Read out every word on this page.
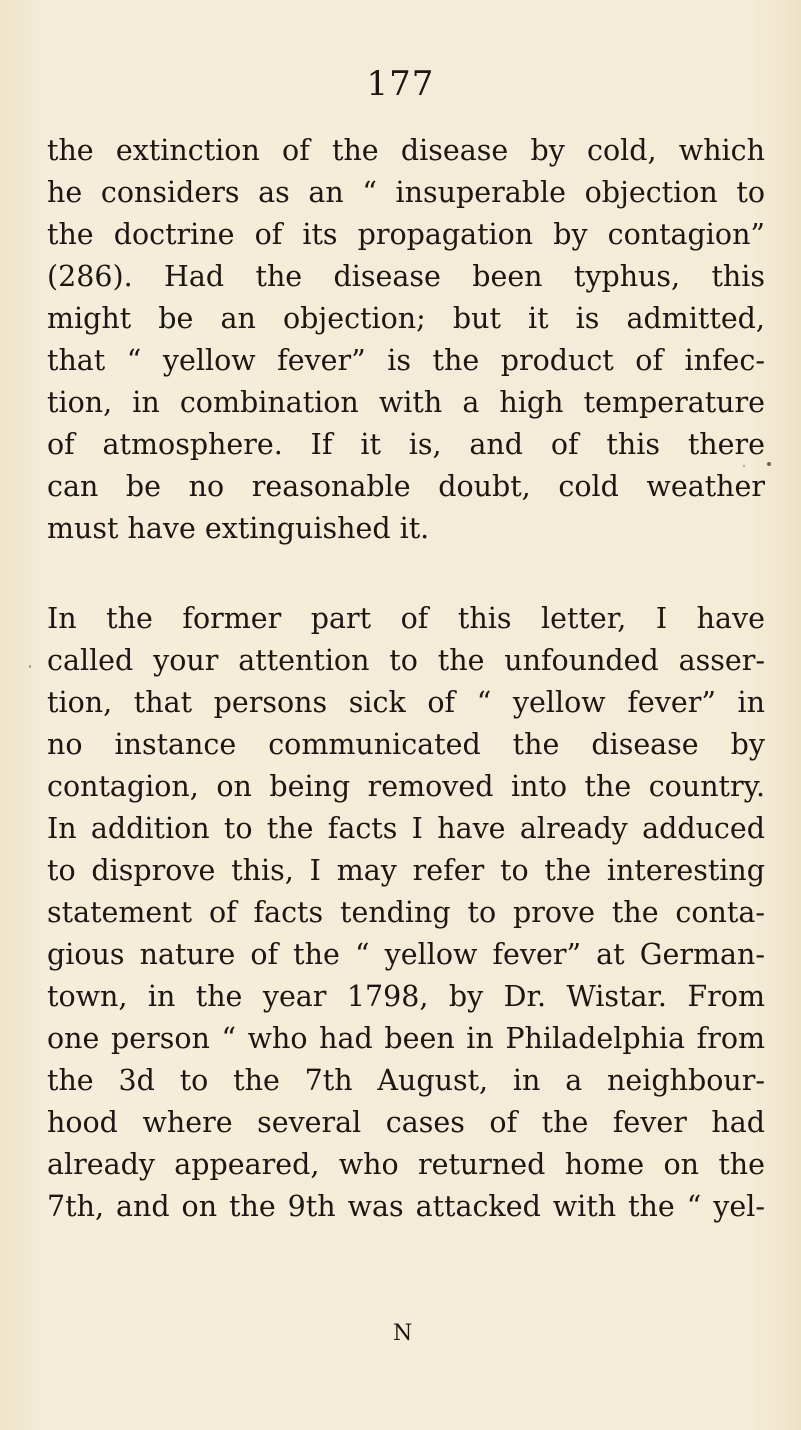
177
the extinction of the disease by cold, which
he considers as an “ insuperable objection to
the doctrine of its propagation by contagion”
(286). Had the disease been typhus, this
might be an objection; but it is admitted,
that “ yellow fever” is the product of infec-
tion, in combination with a high temperature
of atmosphere. If it is, and of this there
can be no reasonable doubt, cold weather
must have extinguished it.
In the former part of this letter, I have
called your attention to the unfounded asser-
tion, that persons sick of “ yellow fever” in
no instance communicated the disease by
contagion, on being removed into the country.
In addition to the facts I have already adduced
to disprove this, I may refer to the interesting
statement of facts tending to prove the conta-
gious nature of the “ yellow fever” at German-
town, in the year 1798, by Dr. Wistar. From
one person “ who had been in Philadelphia from
the 3d to the 7th August, in a neighbour-
hood where several cases of the fever had
already appeared, who returned home on the
7th, and on the 9th was attacked with the “ yel-
N
